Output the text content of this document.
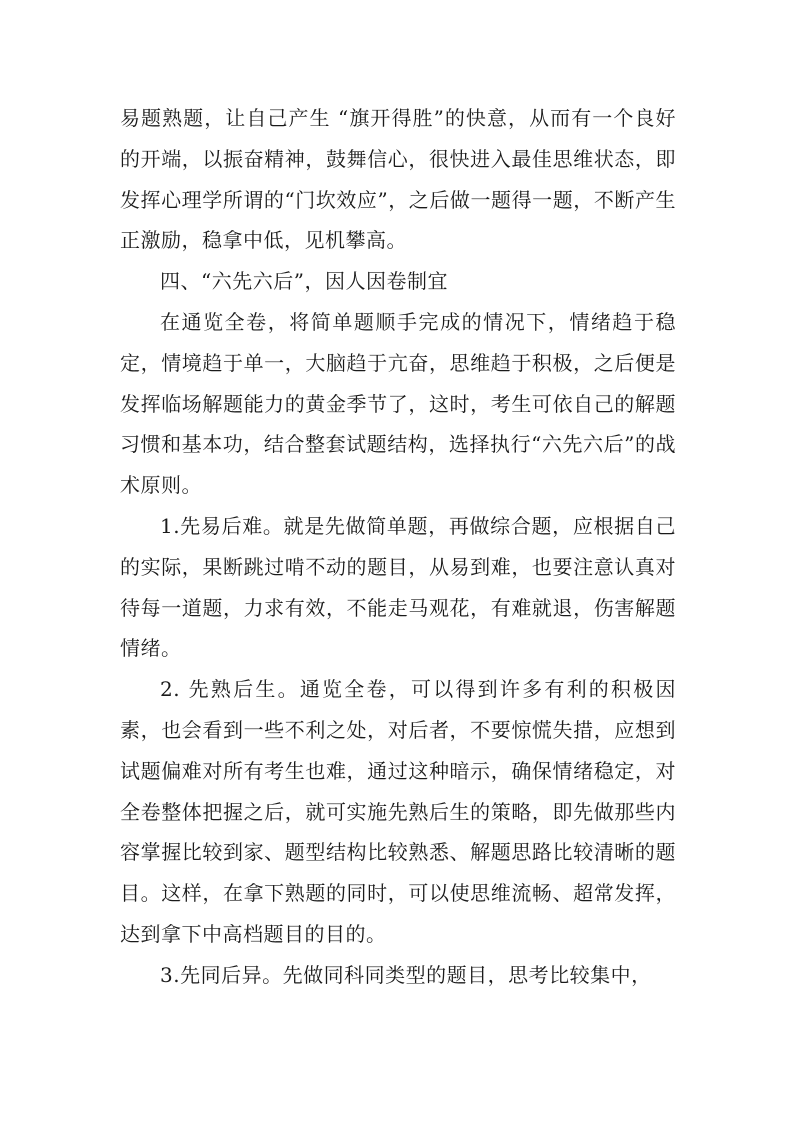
易题熟题，让自己产生 “旗开得胜”的快意，从而有一个良好的开端，以振奋精神，鼓舞信心，很快进入最佳思维状态，即发挥心理学所谓的“门坎效应”，之后做一题得一题，不断产生正激励，稳拿中低，见机攀高。

四、“六先六后”，因人因卷制宜

在通览全卷，将简单题顺手完成的情况下，情绪趋于稳定，情境趋于单一，大脑趋于亢奋，思维趋于积极，之后便是发挥临场解题能力的黄金季节了，这时，考生可依自己的解题习惯和基本功，结合整套试题结构，选择执行“六先六后”的战术原则。

1.先易后难。就是先做简单题，再做综合题，应根据自己的实际，果断跳过啃不动的题目，从易到难，也要注意认真对待每一道题，力求有效，不能走马观花，有难就退，伤害解题情绪。

2. 先熟后生。通览全卷，可以得到许多有利的积极因素，也会看到一些不利之处，对后者，不要惊慌失措，应想到试题偏难对所有考生也难，通过这种暗示，确保情绪稳定，对全卷整体把握之后，就可实施先熟后生的策略，即先做那些内容掌握比较到家、题型结构比较熟悉、解题思路比较清晰的题目。这样，在拿下熟题的同时，可以使思维流畅、超常发挥，达到拿下中高档题目的目的。

3.先同后异。先做同科同类型的题目，思考比较集中，
